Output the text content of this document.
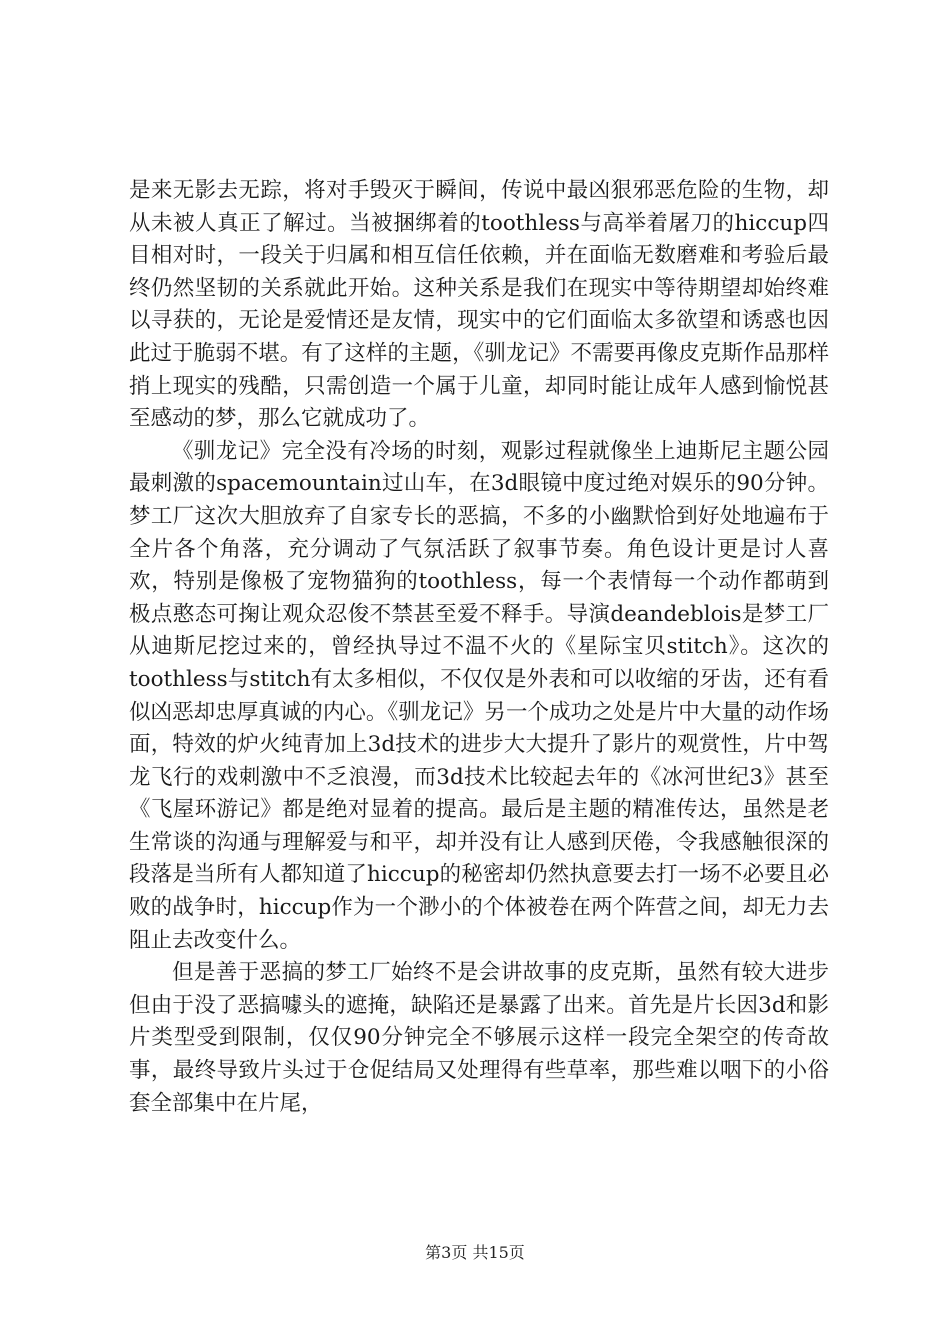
是来无影去无踪，将对手毁灭于瞬间，传说中最凶狠邪恶危险的生物，却从未被人真正了解过。当被捆绑着的toothless与高举着屠刀的hiccup四目相对时，一段关于归属和相互信任依赖，并在面临无数磨难和考验后最终仍然坚韧的关系就此开始。这种关系是我们在现实中等待期望却始终难以寻获的，无论是爱情还是友情，现实中的它们面临太多欲望和诱惑也因此过于脆弱不堪。有了这样的主题，《驯龙记》不需要再像皮克斯作品那样捎上现实的残酷，只需创造一个属于儿童，却同时能让成年人感到愉悦甚至感动的梦，那么它就成功了。

《驯龙记》完全没有冷场的时刻，观影过程就像坐上迪斯尼主题公园最刺激的spacemountain过山车，在3d眼镜中度过绝对娱乐的90分钟。梦工厂这次大胆放弃了自家专长的恶搞，不多的小幽默恰到好处地遍布于全片各个角落，充分调动了气氛活跃了叙事节奏。角色设计更是讨人喜欢，特别是像极了宠物猫狗的toothless，每一个表情每一个动作都萌到极点憨态可掬让观众忍俊不禁甚至爱不释手。导演deandeblois是梦工厂从迪斯尼挖过来的，曾经执导过不温不火的《星际宝贝stitch》。这次的toothless与stitch有太多相似，不仅仅是外表和可以收缩的牙齿，还有看似凶恶却忠厚真诚的内心。《驯龙记》另一个成功之处是片中大量的动作场面，特效的炉火纯青加上3d技术的进步大大提升了影片的观赏性，片中驾龙飞行的戏刺激中不乏浪漫，而3d技术比较起去年的《冰河世纪3》甚至《飞屋环游记》都是绝对显着的提高。最后是主题的精准传达，虽然是老生常谈的沟通与理解爱与和平，却并没有让人感到厌倦，令我感触很深的段落是当所有人都知道了hiccup的秘密却仍然执意要去打一场不必要且必败的战争时，hiccup作为一个渺小的个体被卷在两个阵营之间，却无力去阻止去改变什么。

但是善于恶搞的梦工厂始终不是会讲故事的皮克斯，虽然有较大进步但由于没了恶搞噱头的遮掩，缺陷还是暴露了出来。首先是片长因3d和影片类型受到限制，仅仅90分钟完全不够展示这样一段完全架空的传奇故事，最终导致片头过于仓促结局又处理得有些草率，那些难以咽下的小俗套全部集中在片尾，

第3页 共15页
